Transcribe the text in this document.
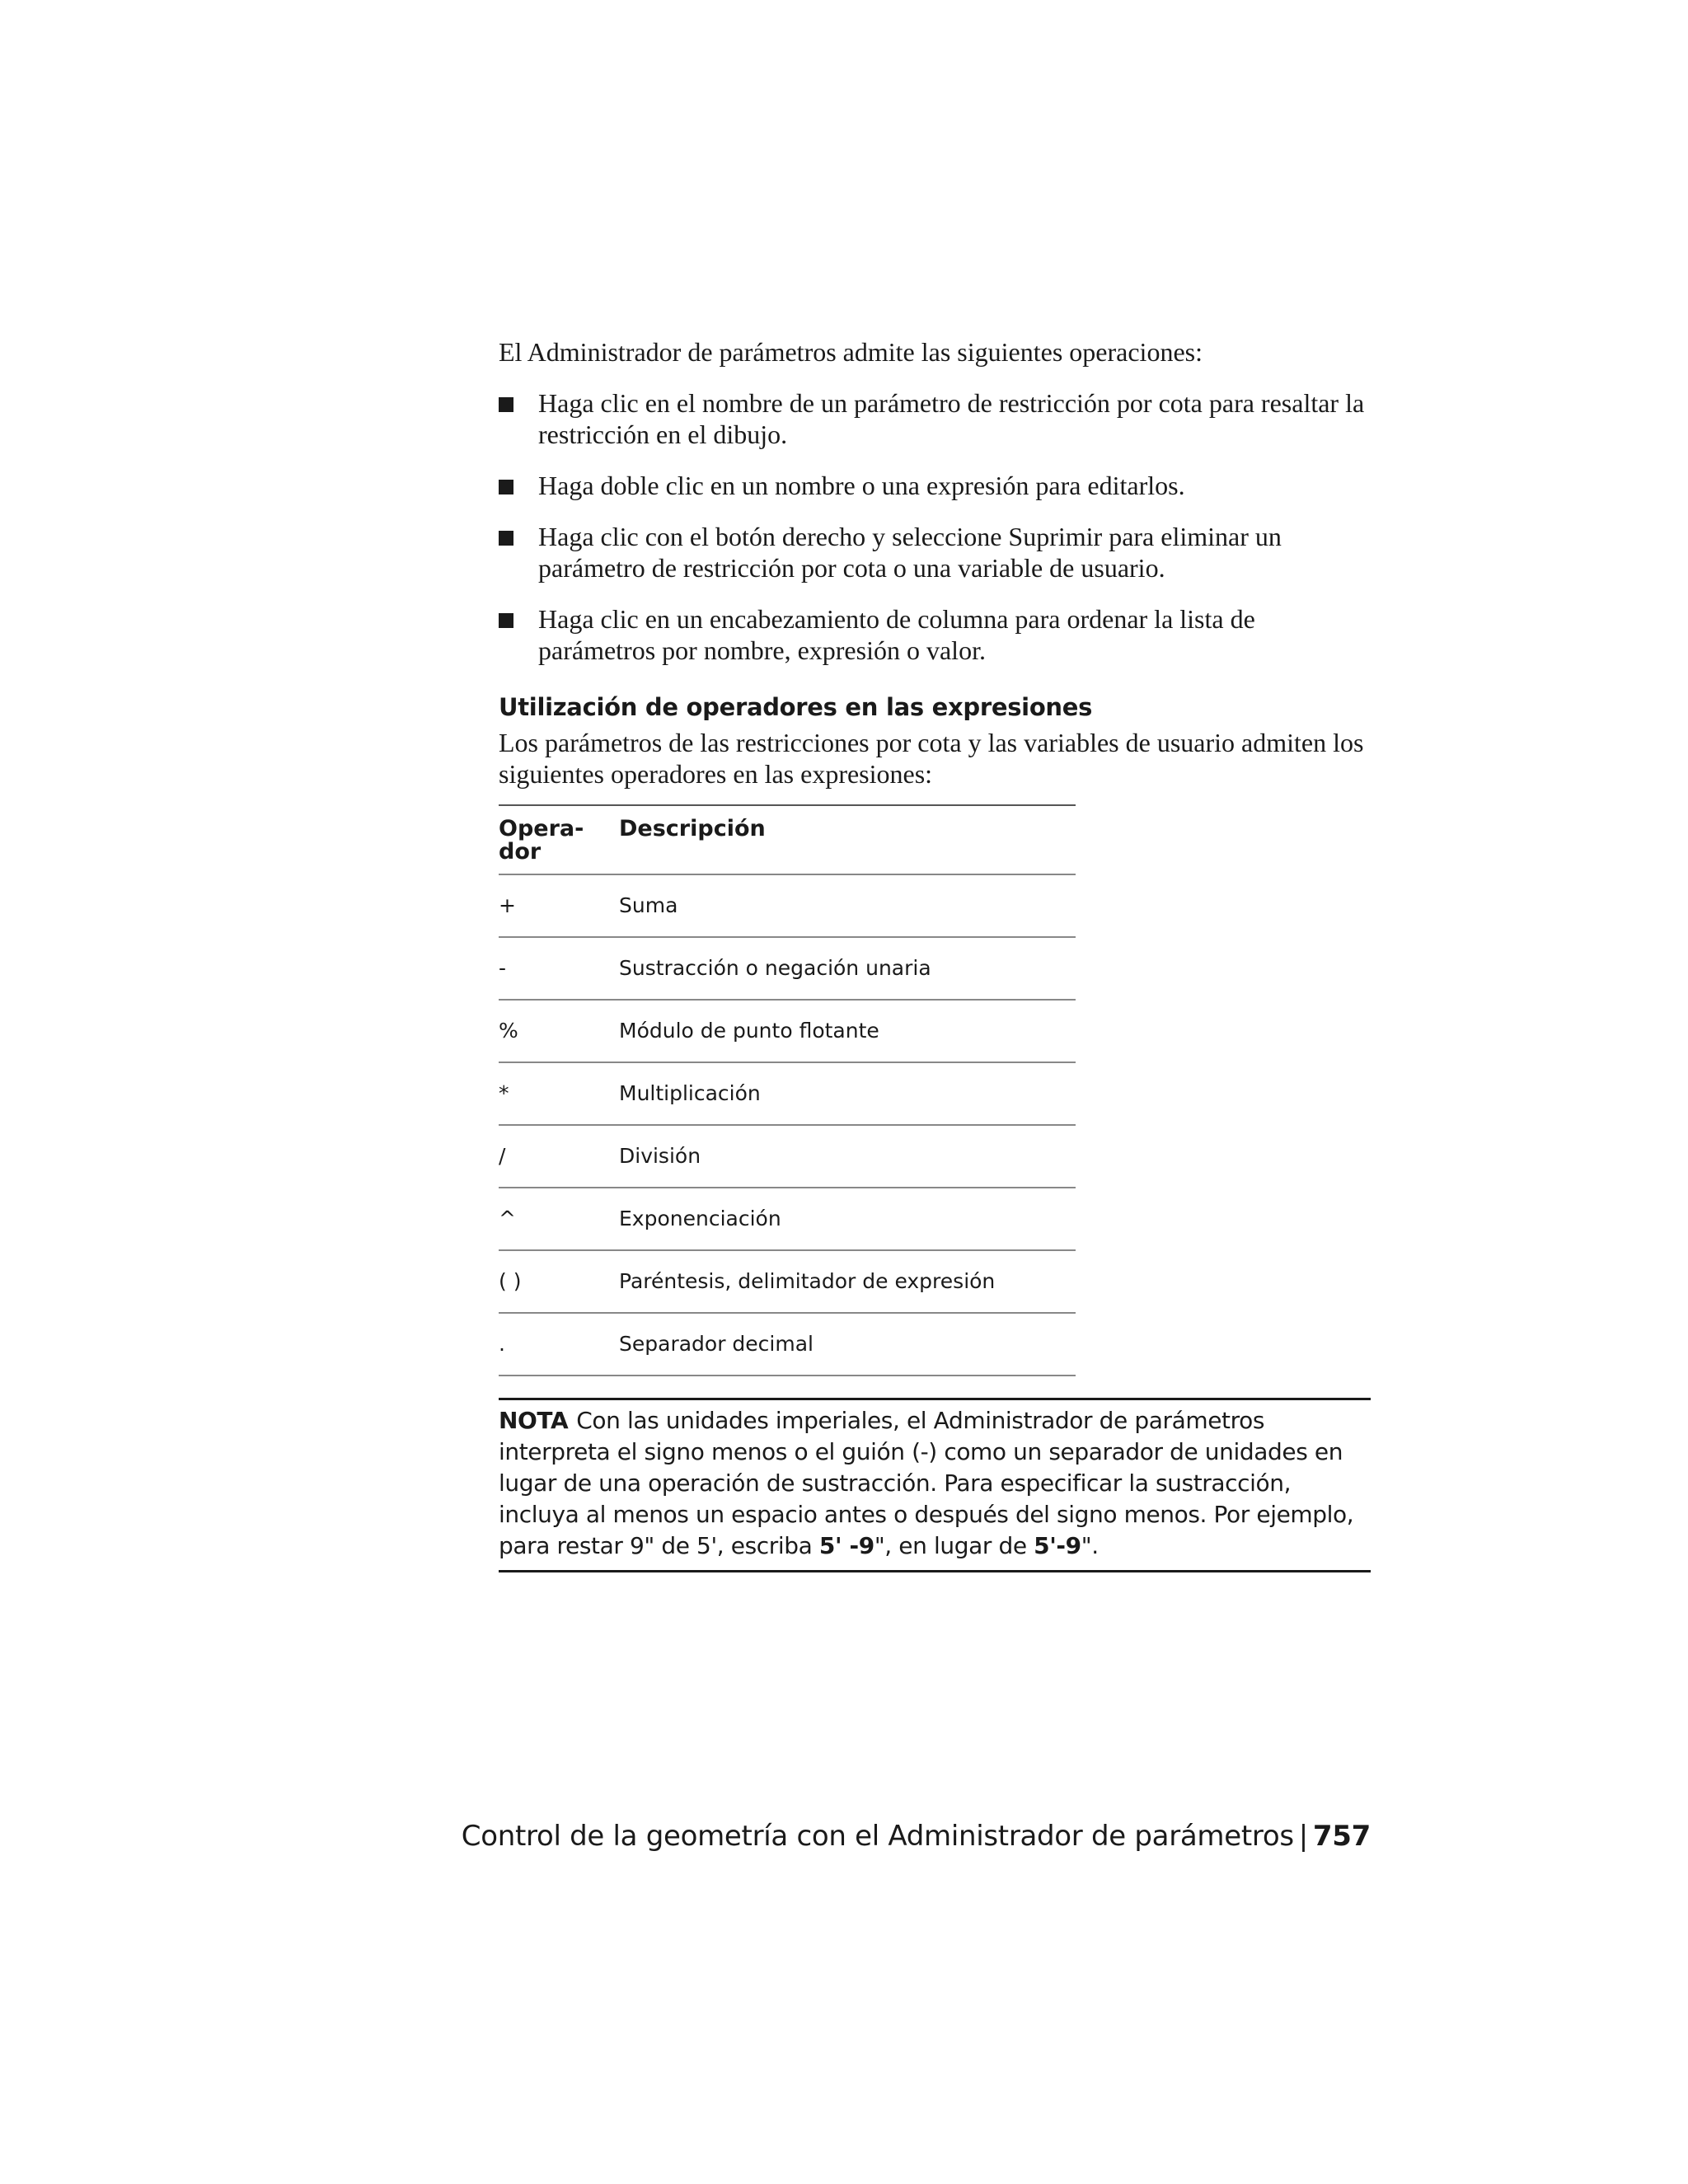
El Administrador de parámetros admite las siguientes operaciones:

Haga clic en el nombre de un parámetro de restricción por cota para resaltar la restricción en el dibujo.
Haga doble clic en un nombre o una expresión para editarlos.
Haga clic con el botón derecho y seleccione Suprimir para eliminar un parámetro de restricción por cota o una variable de usuario.
Haga clic en un encabezamiento de columna para ordenar la lista de parámetros por nombre, expresión o valor.
Utilización de operadores en las expresiones

Los parámetros de las restricciones por cota y las variables de usuario admiten los siguientes operadores en las expresiones:

Opera-
dor	Descripción
+	Suma
-	Sustracción o negación unaria
%	Módulo de punto flotante
*	Multiplicación
/	División
^	Exponenciación
( )	Paréntesis, delimitador de expresión
.	Separador decimal
NOTA Con las unidades imperiales, el Administrador de parámetros interpreta el signo menos o el guión (-) como un separador de unidades en lugar de una operación de sustracción. Para especificar la sustracción, incluya al menos un espacio antes o después del signo menos. Por ejemplo, para restar 9" de 5', escriba 5' -9", en lugar de 5'-9".
Control de la geometría con el Administrador de parámetros | 757
